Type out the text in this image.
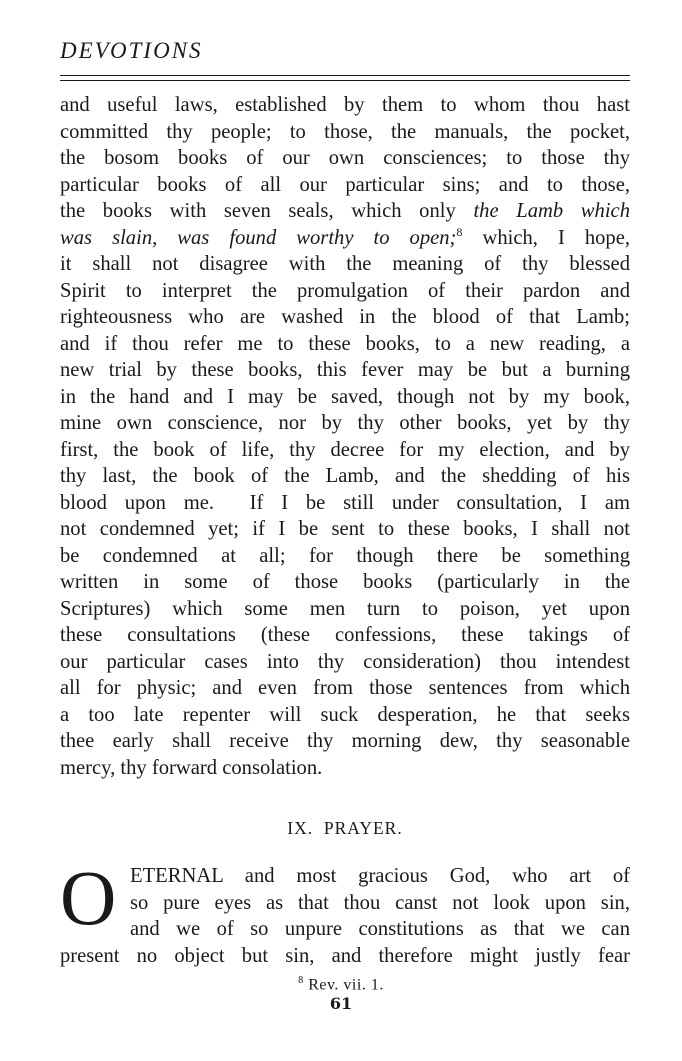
DEVOTIONS
and useful laws, established by them to whom thou hast
committed thy people; to those, the manuals, the pocket,
the bosom books of our own consciences; to those thy
particular books of all our particular sins; and to those,
the books with seven seals, which only the Lamb which
was slain, was found worthy to open;$^8$ which, I hope,
it shall not disagree with the meaning of thy blessed
Spirit to interpret the promulgation of their pardon and
righteousness who are washed in the blood of that Lamb;
and if thou refer me to these books, to a new reading, a
new trial by these books, this fever may be but a burning
in the hand and I may be saved, though not by my book,
mine own conscience, nor by thy other books, yet by thy
first, the book of life, thy decree for my election, and by
thy last, the book of the Lamb, and the shedding of his
blood upon me.  If I be still under consultation, I am
not condemned yet; if I be sent to these books, I shall not
be condemned at all; for though there be something
written in some of those books (particularly in the
Scriptures) which some men turn to poison, yet upon
these consultations (these confessions, these takings of
our particular cases into thy consideration) thou intendest
all for physic; and even from those sentences from which
a too late repenter will suck desperation, he that seeks
thee early shall receive thy morning dew, thy seasonable
mercy, thy forward consolation.
IX.  PRAYER.
O ETERNAL and most gracious God, who art of
so pure eyes as that thou canst not look upon sin,
and we of so unpure constitutions as that we can
present no object but sin, and therefore might justly fear
$^8$ Rev. vii. 1.
61
